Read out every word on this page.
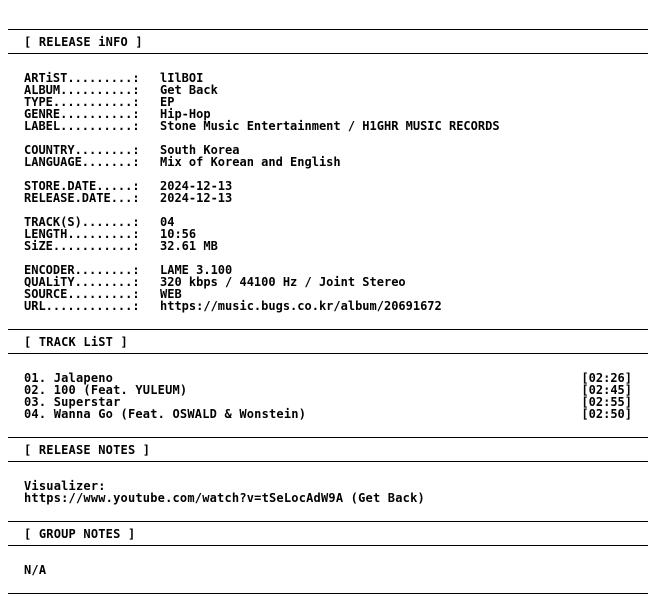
[ RELEASE iNFO ]
ARTiST.........: lIlBOI
ALBUM..........: Get Back
TYPE...........: EP
GENRE..........: Hip-Hop
LABEL..........: Stone Music Entertainment / H1GHR MUSIC RECORDS
COUNTRY........: South Korea
LANGUAGE.......: Mix of Korean and English
STORE.DATE.....: 2024-12-13
RELEASE.DATE...: 2024-12-13
TRACK(S).......: 04
LENGTH.........: 10:56
SiZE...........: 32.61 MB
ENCODER........: LAME 3.100
QUALiTY........: 320 kbps / 44100 Hz / Joint Stereo
SOURCE.........: WEB
URL............: https://music.bugs.co.kr/album/20691672
[ TRACK LiST ]
01. Jalapeno	[02:26]
02. 100 (Feat. YULEUM)	[02:45]
03. Superstar	[02:55]
04. Wanna Go (Feat. OSWALD & Wonstein)	[02:50]
[ RELEASE NOTES ]
Visualizer:
https://www.youtube.com/watch?v=tSeLocAdW9A (Get Back)
[ GROUP NOTES ]
N/A
